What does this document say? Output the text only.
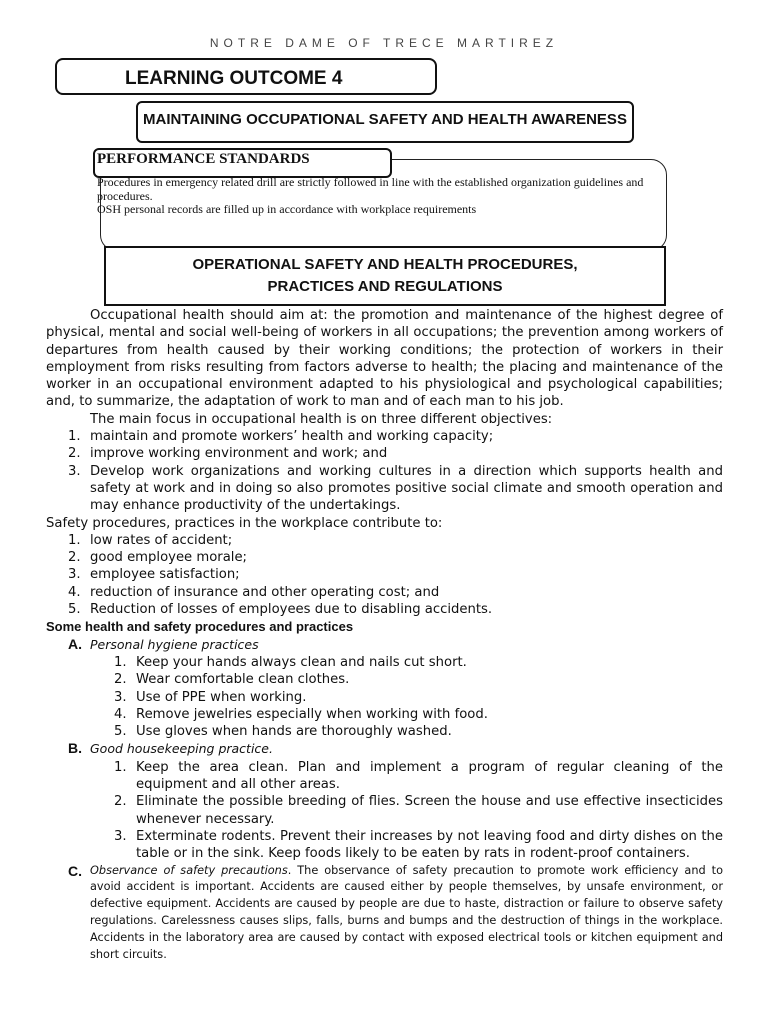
NOTRE DAME OF TRECE MARTIREZ
LEARNING OUTCOME 4
MAINTAINING OCCUPATIONAL SAFETY AND HEALTH AWARENESS
PERFORMANCE STANDARDS

Procedures in emergency related drill are strictly followed in line with the established organization guidelines and procedures.

OSH personal records are filled up in accordance with workplace requirements

OPERATIONAL SAFETY AND HEALTH PROCEDURES,
PRACTICES AND REGULATIONS

Occupational health should aim at: the promotion and maintenance of the highest degree of physical, mental and social well-being of workers in all occupations; the prevention among workers of departures from health caused by their working conditions; the protection of workers in their employment from risks resulting from factors adverse to health; the placing and maintenance of the worker in an occupational environment adapted to his physiological and psychological capabilities; and, to summarize, the adaptation of work to man and of each man to his job.

The main focus in occupational health is on three different objectives:

1. maintain and promote workers’ health and working capacity;
2. improve working environment and work; and
3. Develop work organizations and working cultures in a direction which supports health and safety at work and in doing so also promotes positive social climate and smooth operation and may enhance productivity of the undertakings.

Safety procedures, practices in the workplace contribute to:

1. low rates of accident;
2. good employee morale;
3. employee satisfaction;
4. reduction of insurance and other operating cost; and
5. Reduction of losses of employees due to disabling accidents.

Some health and safety procedures and practices

A. Personal hygiene practices
1. Keep your hands always clean and nails cut short.
2. Wear comfortable clean clothes.
3. Use of PPE when working.
4. Remove jewelries especially when working with food.
5. Use gloves when hands are thoroughly washed.
B. Good housekeeping practice.
1. Keep the area clean. Plan and implement a program of regular cleaning of the equipment and all other areas.
2. Eliminate the possible breeding of flies. Screen the house and use effective insecticides whenever necessary.
3. Exterminate rodents. Prevent their increases by not leaving food and dirty dishes on the table or in the sink. Keep foods likely to be eaten by rats in rodent-proof containers.
C. Observance of safety precautions. The observance of safety precaution to promote work efficiency and to avoid accident is important. Accidents are caused either by people themselves, by unsafe environment, or defective equipment. Accidents are caused by people are due to haste, distraction or failure to observe safety regulations. Carelessness causes slips, falls, burns and bumps and the destruction of things in the workplace. Accidents in the laboratory area are caused by contact with exposed electrical tools or kitchen equipment and short circuits.
